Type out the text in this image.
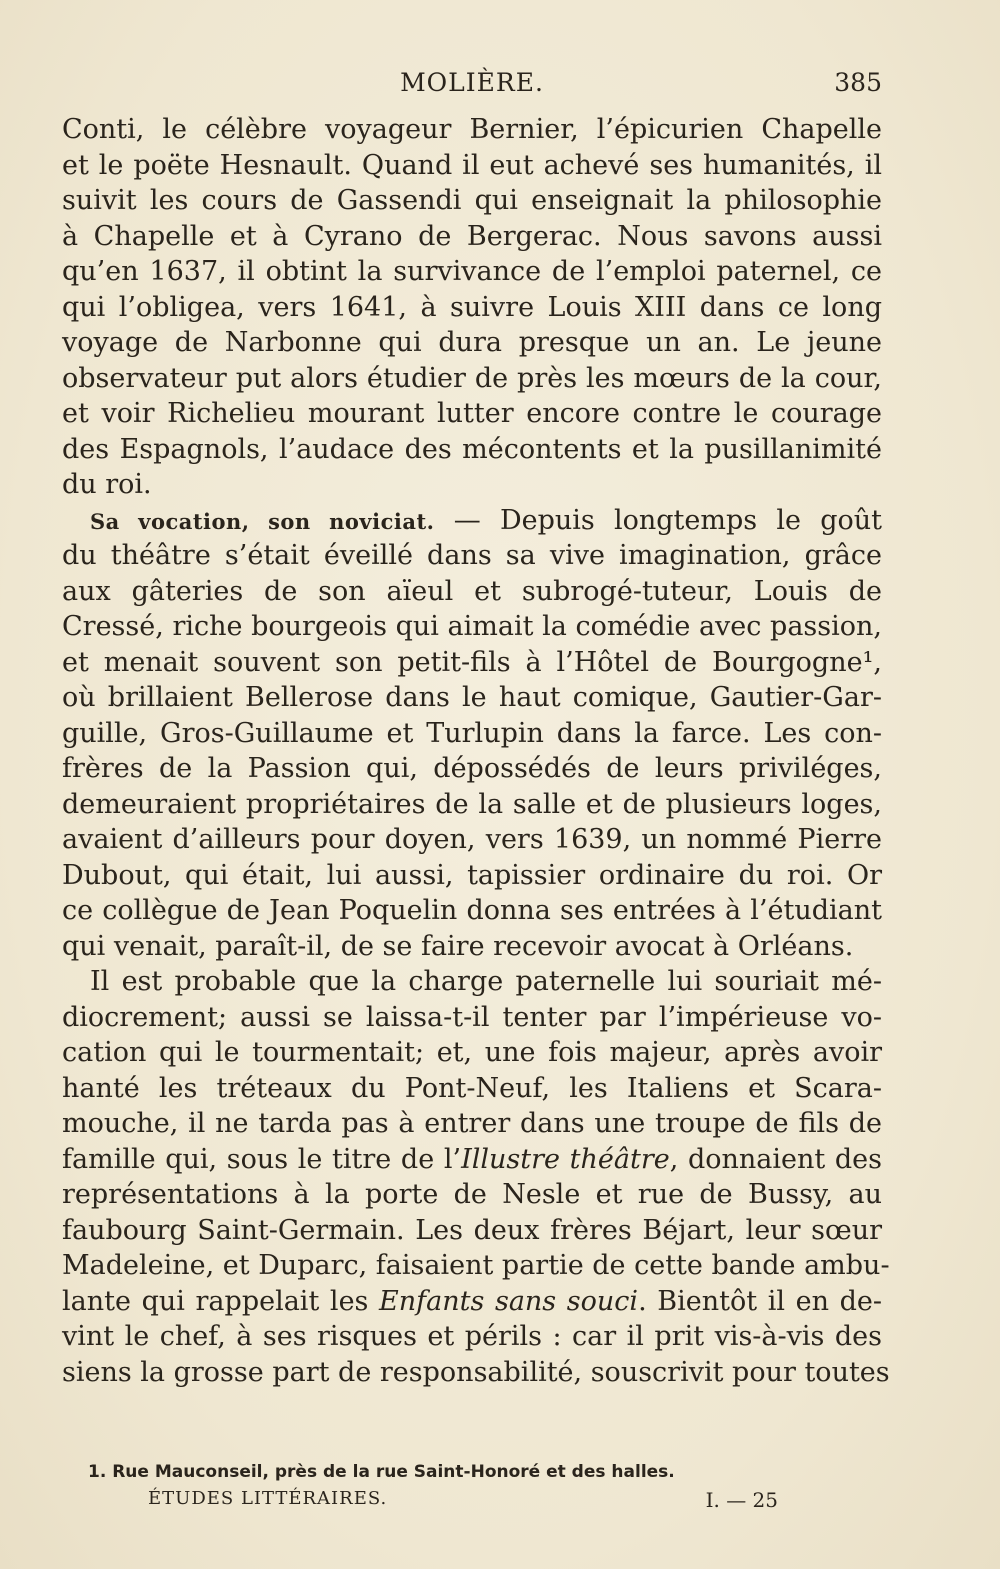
MOLIÈRE.	385
Conti, le célèbre voyageur Bernier, l’épicurien Chapelle
et le poëte Hesnault. Quand il eut achevé ses humanités, il
suivit les cours de Gassendi qui enseignait la philosophie
à Chapelle et à Cyrano de Bergerac. Nous savons aussi
qu’en 1637, il obtint la survivance de l’emploi paternel, ce
qui l’obligea, vers 1641, à suivre Louis XIII dans ce long
voyage de Narbonne qui dura presque un an. Le jeune
observateur put alors étudier de près les mœurs de la cour,
et voir Richelieu mourant lutter encore contre le courage
des Espagnols, l’audace des mécontents et la pusillanimité
du roi.
Sa vocation, son noviciat. — Depuis longtemps le goût
du théâtre s’était éveillé dans sa vive imagination, grâce
aux gâteries de son aïeul et subrogé-tuteur, Louis de
Cressé, riche bourgeois qui aimait la comédie avec passion,
et menait souvent son petit-fils à l’Hôtel de Bourgogne¹,
où brillaient Bellerose dans le haut comique, Gautier-Gar-
guille, Gros-Guillaume et Turlupin dans la farce. Les con-
frères de la Passion qui, dépossédés de leurs priviléges,
demeuraient propriétaires de la salle et de plusieurs loges,
avaient d’ailleurs pour doyen, vers 1639, un nommé Pierre
Dubout, qui était, lui aussi, tapissier ordinaire du roi. Or
ce collègue de Jean Poquelin donna ses entrées à l’étudiant
qui venait, paraît-il, de se faire recevoir avocat à Orléans.
Il est probable que la charge paternelle lui souriait mé-
diocrement; aussi se laissa-t-il tenter par l’impérieuse vo-
cation qui le tourmentait; et, une fois majeur, après avoir
hanté les tréteaux du Pont-Neuf, les Italiens et Scara-
mouche, il ne tarda pas à entrer dans une troupe de fils de
famille qui, sous le titre de l’Illustre théâtre, donnaient des
représentations à la porte de Nesle et rue de Bussy, au
faubourg Saint-Germain. Les deux frères Béjart, leur sœur
Madeleine, et Duparc, faisaient partie de cette bande ambu-
lante qui rappelait les Enfants sans souci. Bientôt il en de-
vint le chef, à ses risques et périls : car il prit vis-à-vis des
siens la grosse part de responsabilité, souscrivit pour toutes
1. Rue Mauconseil, près de la rue Saint-Honoré et des halles.
ÉTUDES LITTÉRAIRES.	I. — 25
